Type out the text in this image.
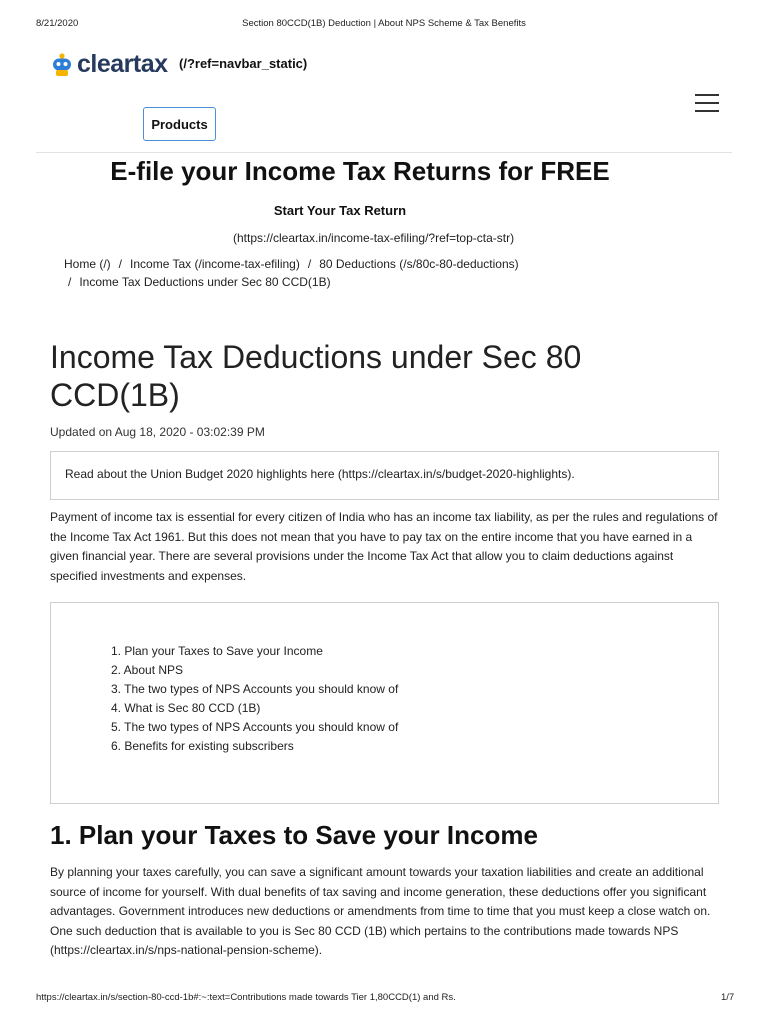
8/21/2020	Section 80CCD(1B) Deduction | About NPS Scheme & Tax Benefits
cleartax (/?ref=navbar_static)
Products
E-file your Income Tax Returns for FREE
Start Your Tax Return
(https://cleartax.in/income-tax-efiling/?ref=top-cta-str)
Home (/) / Income Tax (/income-tax-efiling) / 80 Deductions (/s/80c-80-deductions)
/ Income Tax Deductions under Sec 80 CCD(1B)
Income Tax Deductions under Sec 80 CCD(1B)
Updated on Aug 18, 2020 - 03:02:39 PM
Read about the Union Budget 2020 highlights here (https://cleartax.in/s/budget-2020-highlights).
Payment of income tax is essential for every citizen of India who has an income tax liability, as per the rules and regulations of the Income Tax Act 1961. But this does not mean that you have to pay tax on the entire income that you have earned in a given financial year. There are several provisions under the Income Tax Act that allow you to claim deductions against specified investments and expenses.
1. Plan your Taxes to Save your Income
2. About NPS
3. The two types of NPS Accounts you should know of
4. What is Sec 80 CCD (1B)
5. The two types of NPS Accounts you should know of
6. Benefits for existing subscribers
1. Plan your Taxes to Save your Income
By planning your taxes carefully, you can save a significant amount towards your taxation liabilities and create an additional source of income for yourself. With dual benefits of tax saving and income generation, these deductions offer you significant advantages. Government introduces new deductions or amendments from time to time that you must keep a close watch on. One such deduction that is available to you is Sec 80 CCD (1B) which pertains to the contributions made towards NPS (https://cleartax.in/s/nps-national-pension-scheme).
https://cleartax.in/s/section-80-ccd-1b#:~:text=Contributions made towards Tier 1,80CCD(1) and Rs.	1/7
